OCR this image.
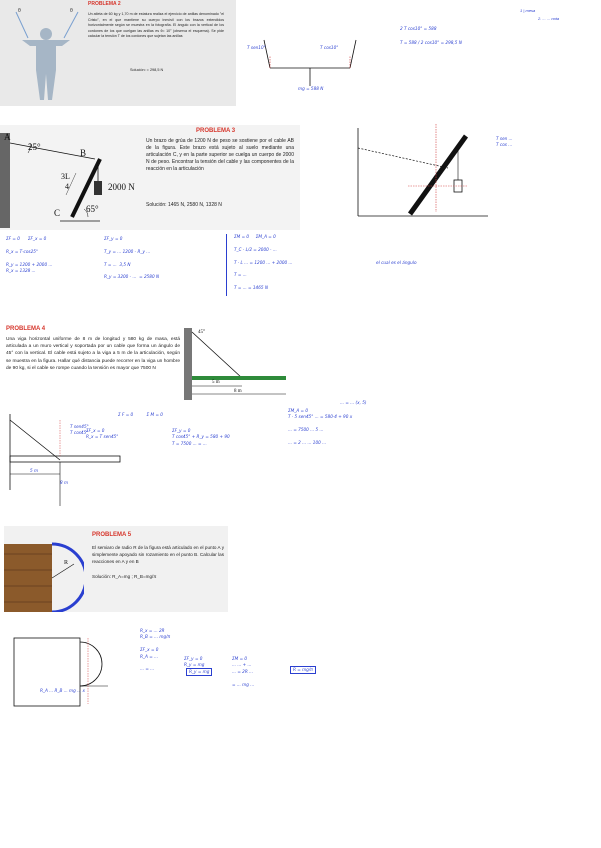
1 | mesa
2. ... ... nota
θ	θ
PROBLEMA 2
Un atleta de 60 kg y 1,70 m de estatura realiza el ejercicio de anillas denominado "el Cristo", en el que mantiene su cuerpo inmóvil con los brazos extendidos horizontalmente según se muestra en la fotografía. El ángulo con la vertical de los cordones de los que cuelgan las anillas es θ= 10° (observa el esquema). Se pide calcular la tensión T de los cordones que sujetan las anillas
Solución: = 298,5 N
T sen10°	T cos10°
mg = 588 N
2 T cos10° = 588
T = 588 / 2 cos10° = 298,5 N
A
B
C
25°
65°
3L
4	2000 N
PROBLEMA 3
Un brazo de grúa de 1200 N de peso se sostiene por el cable AB de la figura. Este brazo está sujeto al suelo mediante una articulación C, y en la parte superior se cuelga un cuerpo de 2000 N de peso. Encontrar la tensión del cable y las componentes de la reacción en la articulación
Solución: 1465 N, 2580 N, 1328 N
T sen ...
T cos ...
ΣF = 0      ΣF_x = 0

R_x = T·cos25°

R_y = 1200 + 2000 ...
R_x = 1328 ...
ΣF_y = 0

T_y = ... 1200 - R_y ...

T = ...  3,5 N

R_y = 3200 - ...  = 2580 N
ΣM = 0     ΣM_A = 0

T_C · L/2 = 2000 · ...

T · L ... = 1200 ... + 2000 ...

T = ...

T = ... = 1465 N
el cual es el ángulo
PROBLEMA 4
Una viga horizontal uniforme de 8 m de longitud y 580 kg de masa, está articulada a un muro vertical y soportada por un cable que forma un ángulo de 45° con la vertical. El cable está sujeto a la viga a 5 m de la articulación, según se muestra en la figura. Hallar qué distancia puede recorrer en la viga un hombre de 90 kg, si el cable se rompe cuando la tensión es mayor que 7500 N
45°
5 m
8 m
T sen45°
T cos45°
5 m
8 m
Σ F = 0          Σ M = 0
ΣF_x = 0
R_x = T sen45°
ΣF_y = 0
T cos45° + R_y = 580 + 90
T = 7500 ... = ...
ΣM_A = 0
T · 5 sen45° ... = 580·4 + 90 x

... = 7500 ... 5 ...

... = 2 ... ... 100 ...
... = ... (x, 5)
R
PROBLEMA 5
El semiaro de radio R de la figura está articulado en el punto A y simplemente apoyado sin rozamiento en el punto B. Calcular las reacciones en A y en B
Solución: R_A=mg ; R_B=mg/π
R_A ... R_B ... mg ... x
R_x = ... 2R
R_B = ... mg/π

ΣF_x = 0
R_A = ...

... = ...
ΣF_y = 0
R_y = mg
ΣM = 0
... ... + ...
... = 2R ...

= ... mg ...
R = mg/π
R_y = mg
